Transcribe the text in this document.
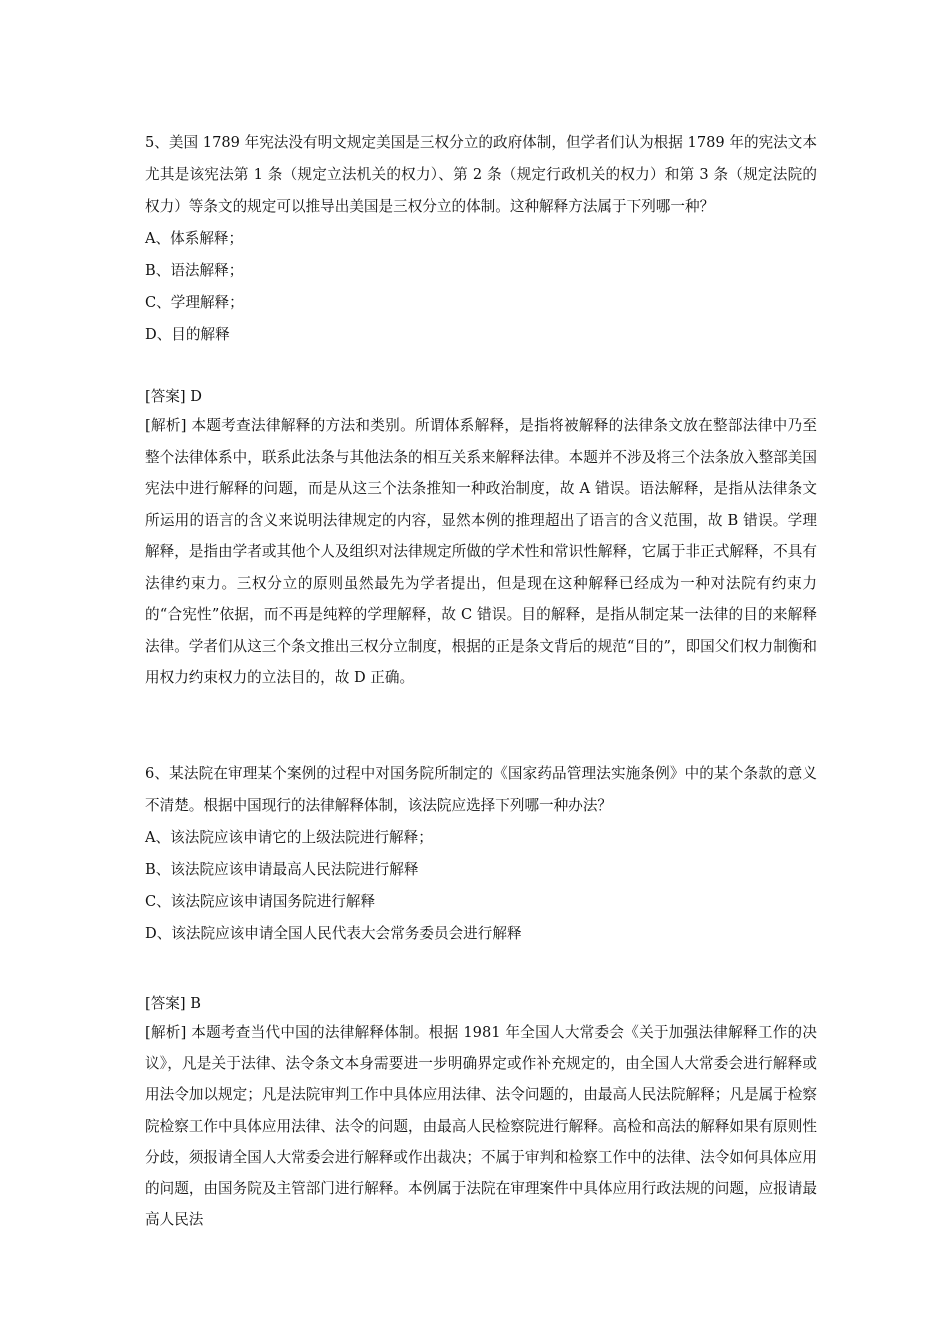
5、美国 1789 年宪法没有明文规定美国是三权分立的政府体制，但学者们认为根据 1789 年的宪法文本尤其是该宪法第 1 条（规定立法机关的权力）、第 2 条（规定行政机关的权力）和第 3 条（规定法院的权力）等条文的规定可以推导出美国是三权分立的体制。这种解释方法属于下列哪一种？

A、体系解释；

B、语法解释；

C、学理解释；

D、目的解释

[答案] D

[解析] 本题考查法律解释的方法和类别。所谓体系解释，是指将被解释的法律条文放在整部法律中乃至整个法律体系中，联系此法条与其他法条的相互关系来解释法律。本题并不涉及将三个法条放入整部美国宪法中进行解释的问题，而是从这三个法条推知一种政治制度，故 A 错误。语法解释，是指从法律条文所运用的语言的含义来说明法律规定的内容，显然本例的推理超出了语言的含义范围，故 B 错误。学理解释，是指由学者或其他个人及组织对法律规定所做的学术性和常识性解释，它属于非正式解释，不具有法律约束力。三权分立的原则虽然最先为学者提出，但是现在这种解释已经成为一种对法院有约束力的“合宪性”依据，而不再是纯粹的学理解释，故 C 错误。目的解释，是指从制定某一法律的目的来解释法律。学者们从这三个条文推出三权分立制度，根据的正是条文背后的规范“目的”，即国父们权力制衡和用权力约束权力的立法目的，故 D 正确。

6、某法院在审理某个案例的过程中对国务院所制定的《国家药品管理法实施条例》中的某个条款的意义不清楚。根据中国现行的法律解释体制，该法院应选择下列哪一种办法？

A、该法院应该申请它的上级法院进行解释；

B、该法院应该申请最高人民法院进行解释

C、该法院应该申请国务院进行解释

D、该法院应该申请全国人民代表大会常务委员会进行解释

[答案] B

[解析] 本题考查当代中国的法律解释体制。根据 1981 年全国人大常委会《关于加强法律解释工作的决议》，凡是关于法律、法令条文本身需要进一步明确界定或作补充规定的，由全国人大常委会进行解释或用法令加以规定；凡是法院审判工作中具体应用法律、法令问题的，由最高人民法院解释；凡是属于检察院检察工作中具体应用法律、法令的问题，由最高人民检察院进行解释。高检和高法的解释如果有原则性分歧，须报请全国人大常委会进行解释或作出裁决；不属于审判和检察工作中的法律、法令如何具体应用的问题，由国务院及主管部门进行解释。本例属于法院在审理案件中具体应用行政法规的问题，应报请最高人民法
